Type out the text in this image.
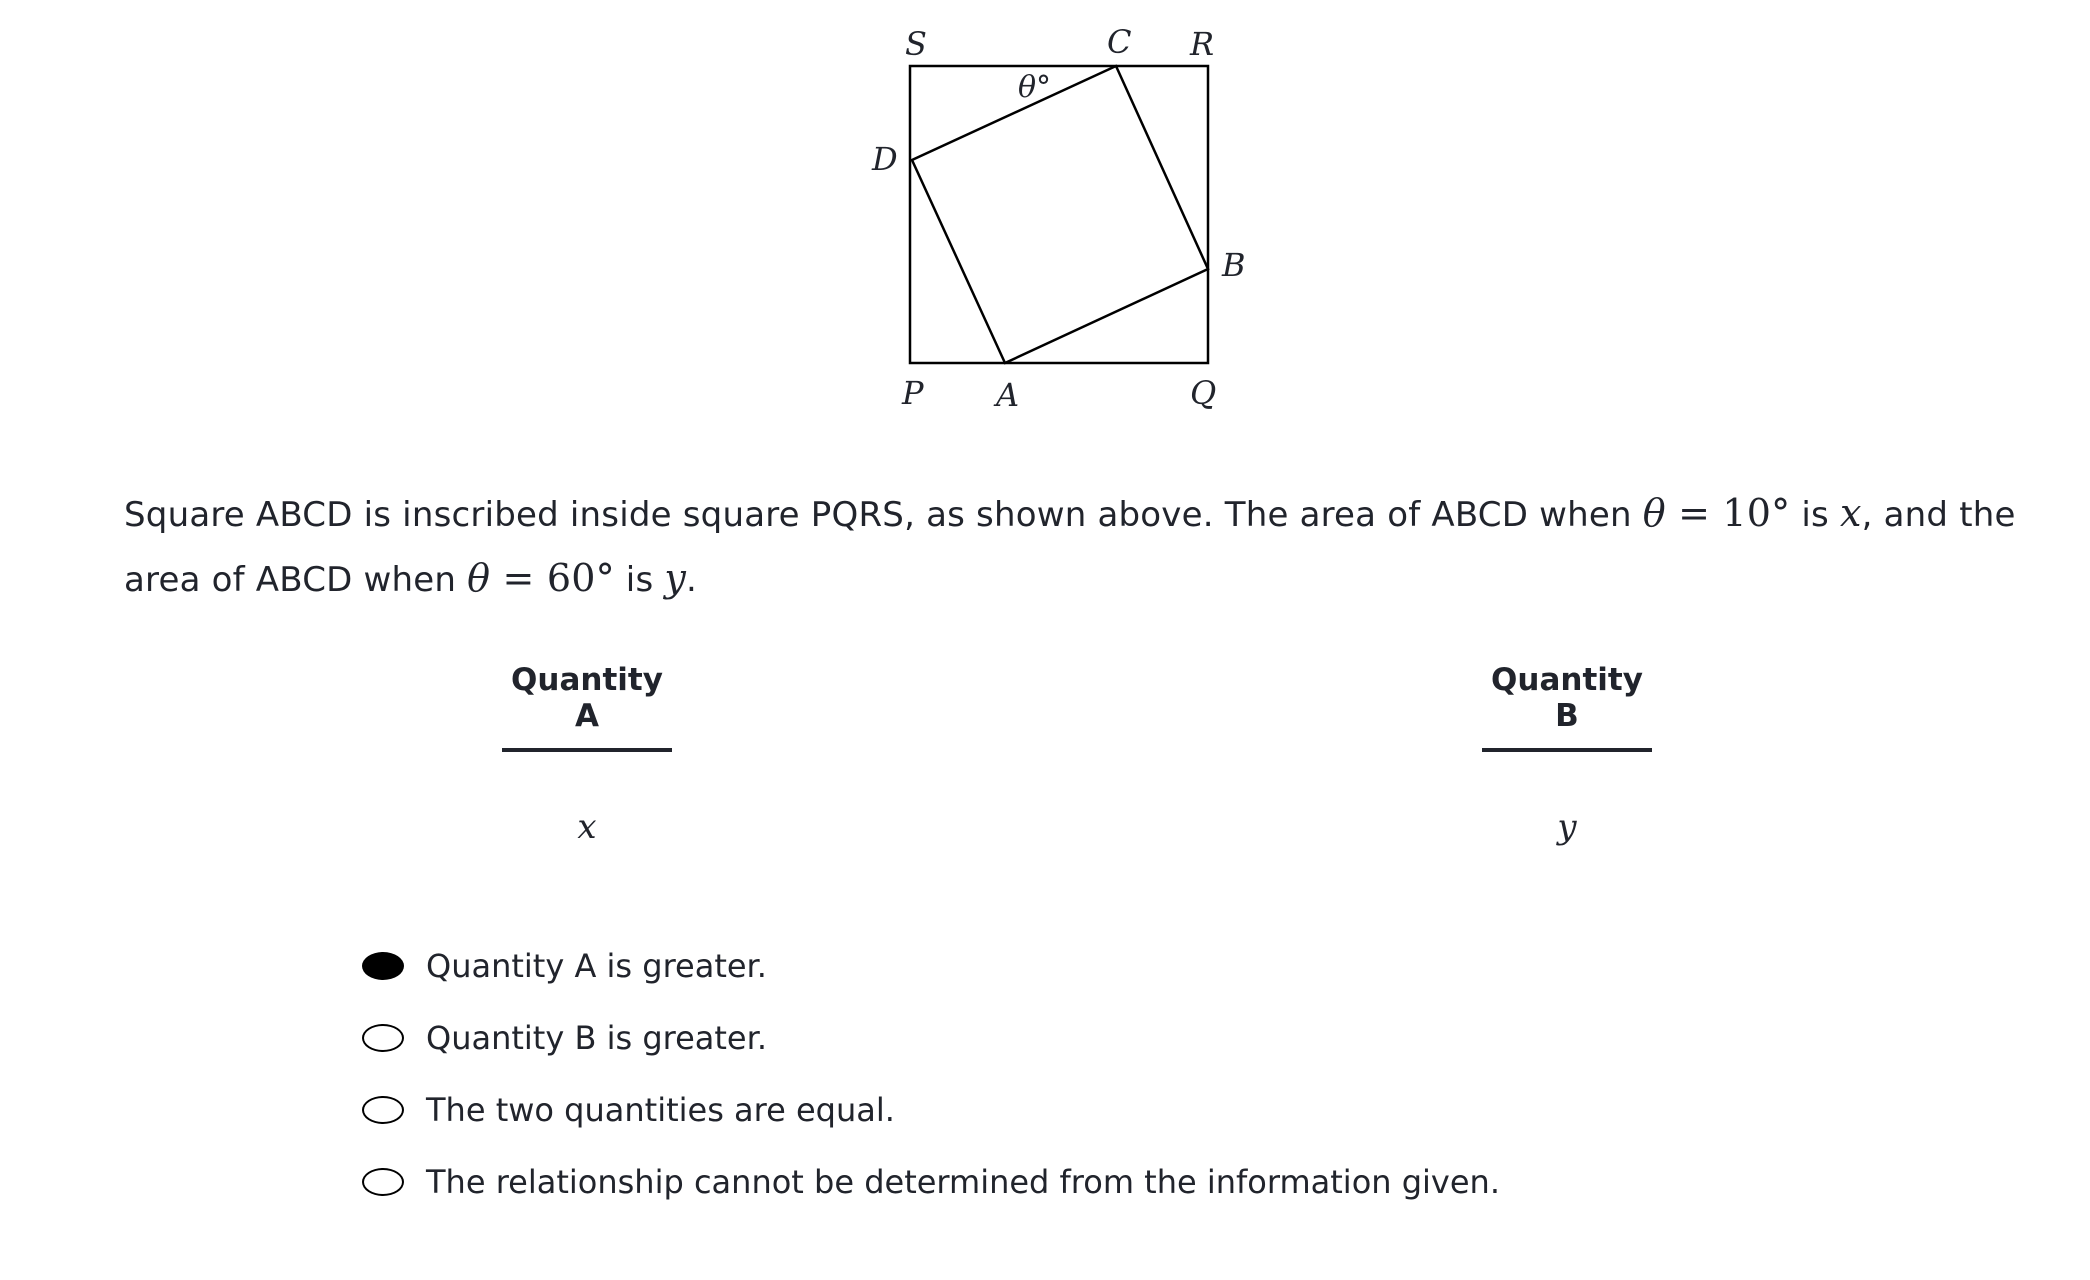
S	C R
θ°
D
B
P A	Q
Square ABCD is inscribed inside square PQRS, as shown above. The area of ABCD when θ = 10° is x, and the area of ABCD when θ = 60° is y.
Quantity A
x
Quantity B
y
Quantity A is greater.
Quantity B is greater.
The two quantities are equal.
The relationship cannot be determined from the information given.
